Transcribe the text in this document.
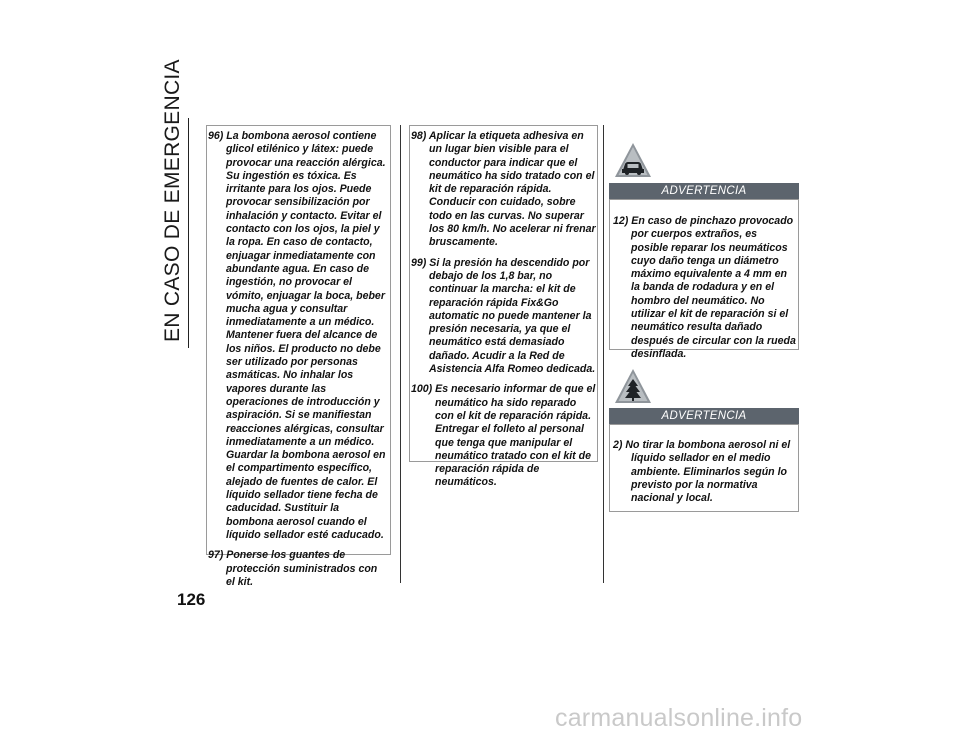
EN CASO DE EMERGENCIA	96) La bombona aerosol contiene glicol etilénico y látex: puede provocar una reacción alérgica. Su ingestión es tóxica. Es irritante para los ojos. Puede provocar sensibilización por inhalación y contacto. Evitar el contacto con los ojos, la piel y la ropa. En caso de contacto, enjuagar inmediatamente con abundante agua. En caso de ingestión, no provocar el vómito, enjuagar la boca, beber mucha agua y consultar inmediatamente a un médico. Mantener fuera del alcance de los niños. El producto no debe ser utilizado por personas asmáticas. No inhalar los vapores durante las operaciones de introducción y aspiración. Si se manifiestan reacciones alérgicas, consultar inmediatamente a un médico. Guardar la bombona aerosol en el compartimento específico, alejado de fuentes de calor. El líquido sellador tiene fecha de caducidad. Sustituir la bombona aerosol cuando el líquido sellador esté caducado.

97) Ponerse los guantes de protección suministrados con el kit.

98) Aplicar la etiqueta adhesiva en un lugar bien visible para el conductor para indicar que el neumático ha sido tratado con el kit de reparación rápida. Conducir con cuidado, sobre todo en las curvas. No superar los 80 km/h. No acelerar ni frenar bruscamente.

99) Si la presión ha descendido por debajo de los 1,8 bar, no continuar la marcha: el kit de reparación rápida Fix&Go automatic no puede mantener la presión necesaria, ya que el neumático está demasiado dañado. Acudir a la Red de Asistencia Alfa Romeo dedicada.

100) Es necesario informar de que el neumático ha sido reparado con el kit de reparación rápida. Entregar el folleto al personal que tenga que manipular el neumático tratado con el kit de reparación rápida de neumáticos.

ADVERTENCIA

12) En caso de pinchazo provocado por cuerpos extraños, es posible reparar los neumáticos cuyo daño tenga un diámetro máximo equivalente a 4 mm en la banda de rodadura y en el hombro del neumático. No utilizar el kit de reparación si el neumático resulta dañado después de circular con la rueda desinflada.

ADVERTENCIA

2) No tirar la bombona aerosol ni el líquido sellador en el medio ambiente. Eliminarlos según lo previsto por la normativa nacional y local.

126
carmanualsonline.info
